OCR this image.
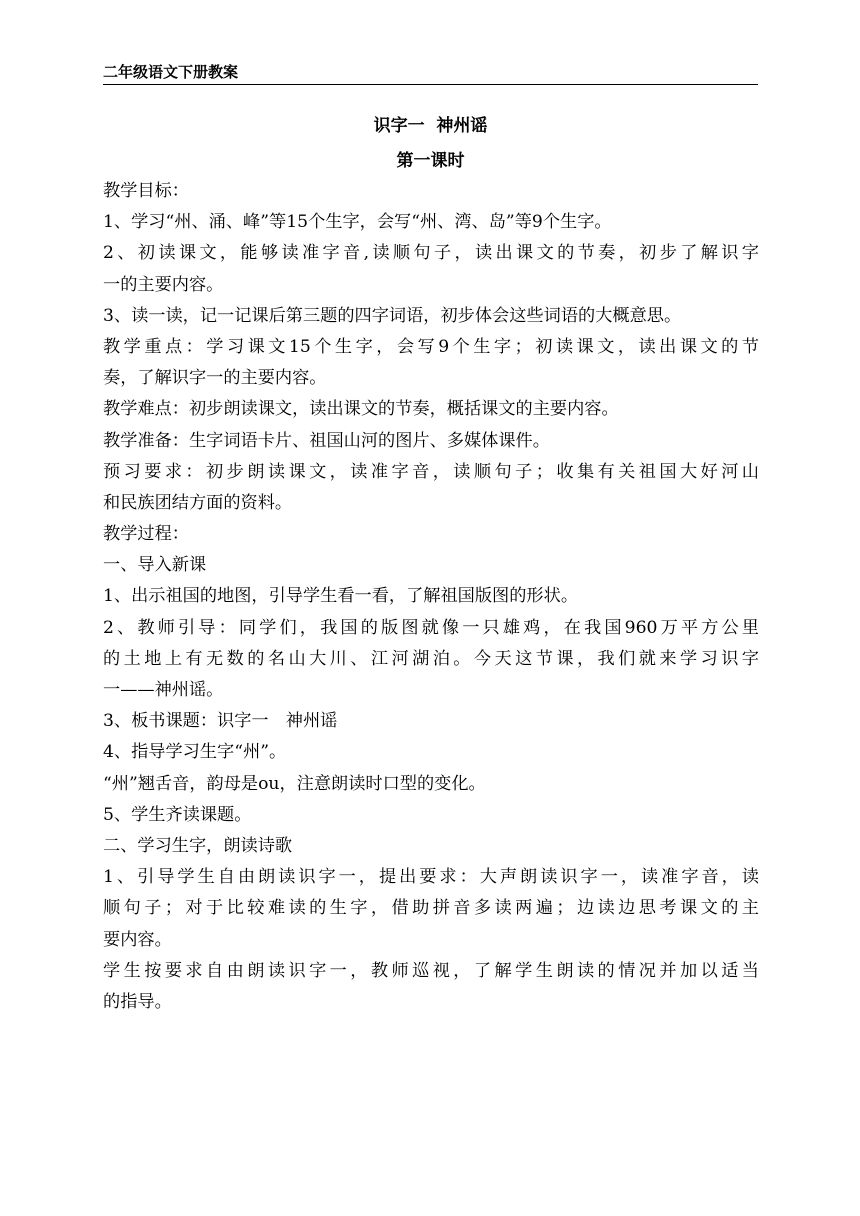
二年级语文下册教案
识字一  神州谣
第一课时
教学目标：
1、学习“州、涌、峰”等15个生字，会写“州、湾、岛”等9个生字。
2、初读课文，能够读准字音,读顺句子，读出课文的节奏，初步了解识字
一的主要内容。
3、读一读，记一记课后第三题的四字词语，初步体会这些词语的大概意思。
教学重点：学习课文15个生字，会写9个生字；初读课文，读出课文的节
奏，了解识字一的主要内容。
教学难点：初步朗读课文，读出课文的节奏，概括课文的主要内容。
教学准备：生字词语卡片、祖国山河的图片、多媒体课件。
预习要求：初步朗读课文，读准字音，读顺句子；收集有关祖国大好河山
和民族团结方面的资料。
教学过程：
一、导入新课
1、出示祖国的地图，引导学生看一看，了解祖国版图的形状。
2、教师引导：同学们，我国的版图就像一只雄鸡，在我国960万平方公里
的土地上有无数的名山大川、江河湖泊。今天这节课，我们就来学习识字
一——神州谣。
3、板书课题：识字一　神州谣
4、指导学习生字“州”。
“州”翘舌音，韵母是ou，注意朗读时口型的变化。
5、学生齐读课题。
二、学习生字，朗读诗歌
1、引导学生自由朗读识字一，提出要求：大声朗读识字一，读准字音，读
顺句子；对于比较难读的生字，借助拼音多读两遍；边读边思考课文的主
要内容。
学生按要求自由朗读识字一，教师巡视，了解学生朗读的情况并加以适当
的指导。
